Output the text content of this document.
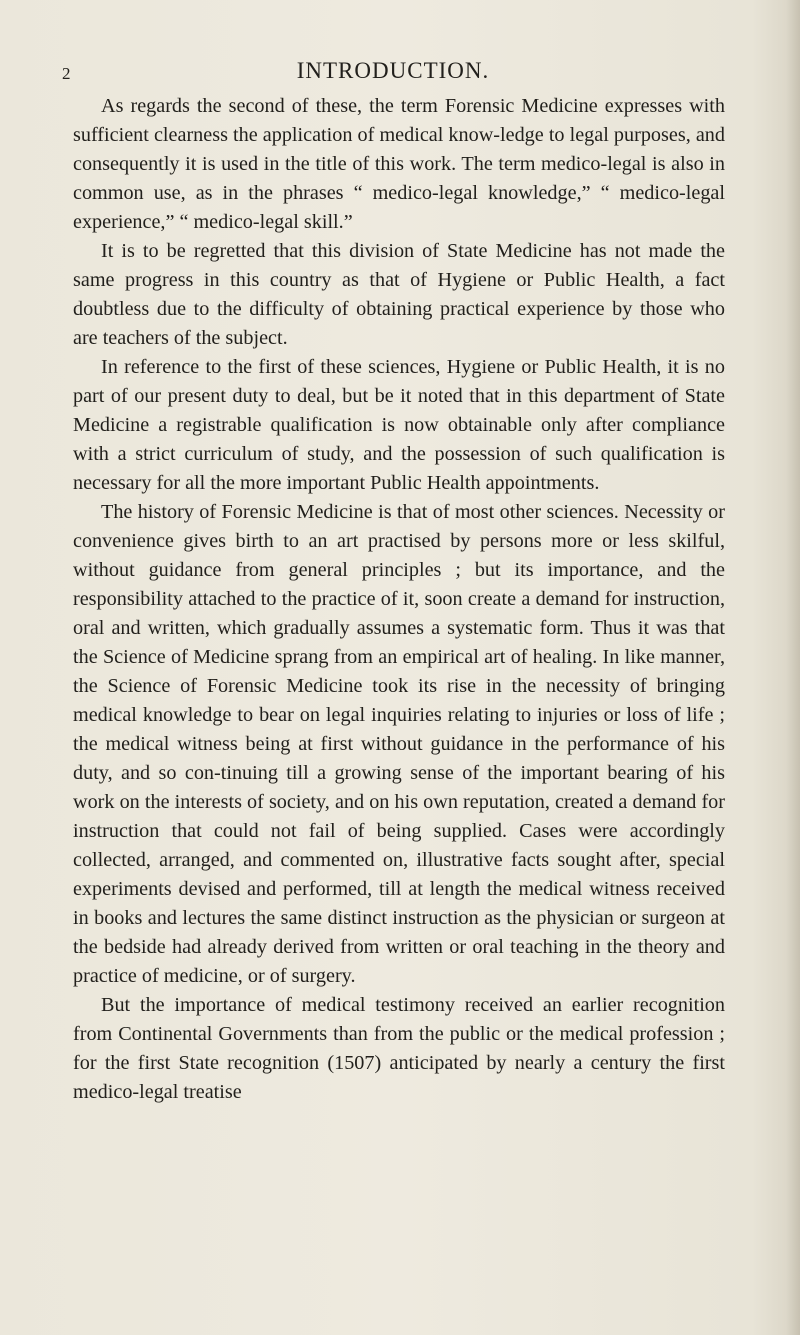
2	INTRODUCTION.

As regards the second of these, the term Forensic Medicine expresses with sufficient clearness the application of medical know-ledge to legal purposes, and consequently it is used in the title of this work. The term medico-legal is also in common use, as in the phrases “ medico-legal knowledge,” “ medico-legal experience,” “ medico-legal skill.”

It is to be regretted that this division of State Medicine has not made the same progress in this country as that of Hygiene or Public Health, a fact doubtless due to the difficulty of obtaining practical experience by those who are teachers of the subject.

In reference to the first of these sciences, Hygiene or Public Health, it is no part of our present duty to deal, but be it noted that in this department of State Medicine a registrable qualification is now obtainable only after compliance with a strict curriculum of study, and the possession of such qualification is necessary for all the more important Public Health appointments.

The history of Forensic Medicine is that of most other sciences. Necessity or convenience gives birth to an art practised by persons more or less skilful, without guidance from general principles ; but its importance, and the responsibility attached to the practice of it, soon create a demand for instruction, oral and written, which gradually assumes a systematic form. Thus it was that the Science of Medicine sprang from an empirical art of healing. In like manner, the Science of Forensic Medicine took its rise in the necessity of bringing medical knowledge to bear on legal inquiries relating to injuries or loss of life ; the medical witness being at first without guidance in the performance of his duty, and so con-tinuing till a growing sense of the important bearing of his work on the interests of society, and on his own reputation, created a demand for instruction that could not fail of being supplied. Cases were accordingly collected, arranged, and commented on, illustrative facts sought after, special experiments devised and performed, till at length the medical witness received in books and lectures the same distinct instruction as the physician or surgeon at the bedside had already derived from written or oral teaching in the theory and practice of medicine, or of surgery.

But the importance of medical testimony received an earlier recognition from Continental Governments than from the public or the medical profession ; for the first State recognition (1507) anticipated by nearly a century the first medico-legal treatise
